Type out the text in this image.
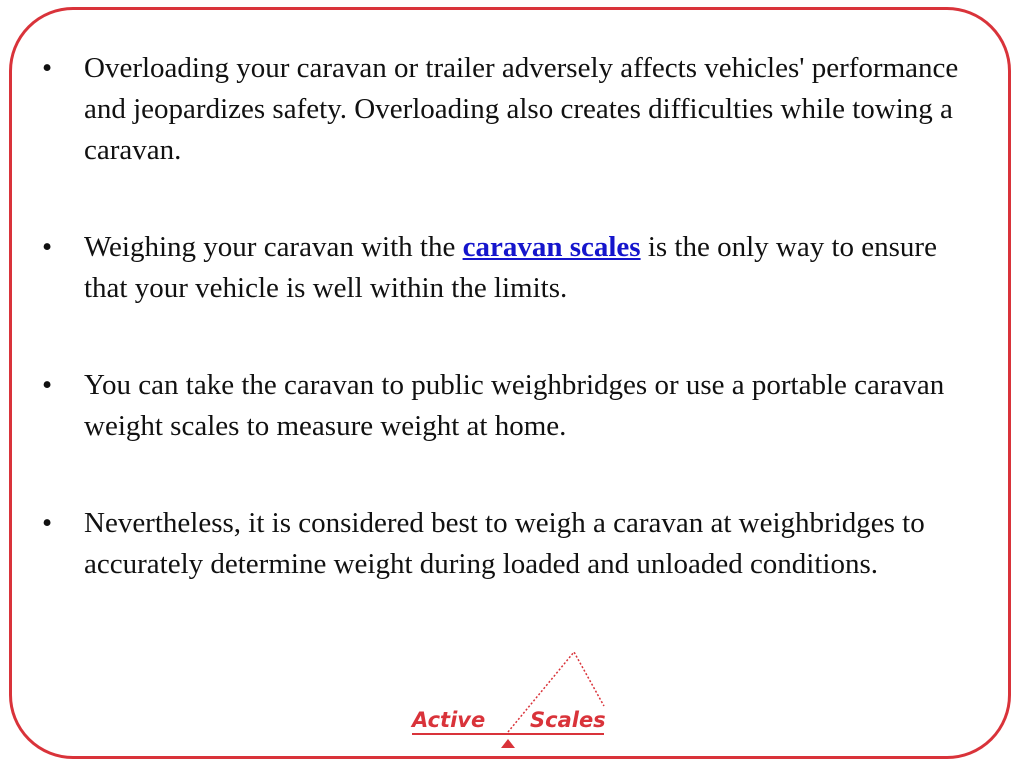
• Overloading your caravan or trailer adversely affects vehicles' performance and jeopardizes safety. Overloading also creates difficulties while towing a caravan.
• Weighing your caravan with the caravan scales is the only way to ensure that your vehicle is well within the limits.
• You can take the caravan to public weighbridges or use a portable caravan weight scales to measure weight at home.
• Nevertheless, it is considered best to weigh a caravan at weighbridges to accurately determine weight during loaded and unloaded conditions.
Active Scales
